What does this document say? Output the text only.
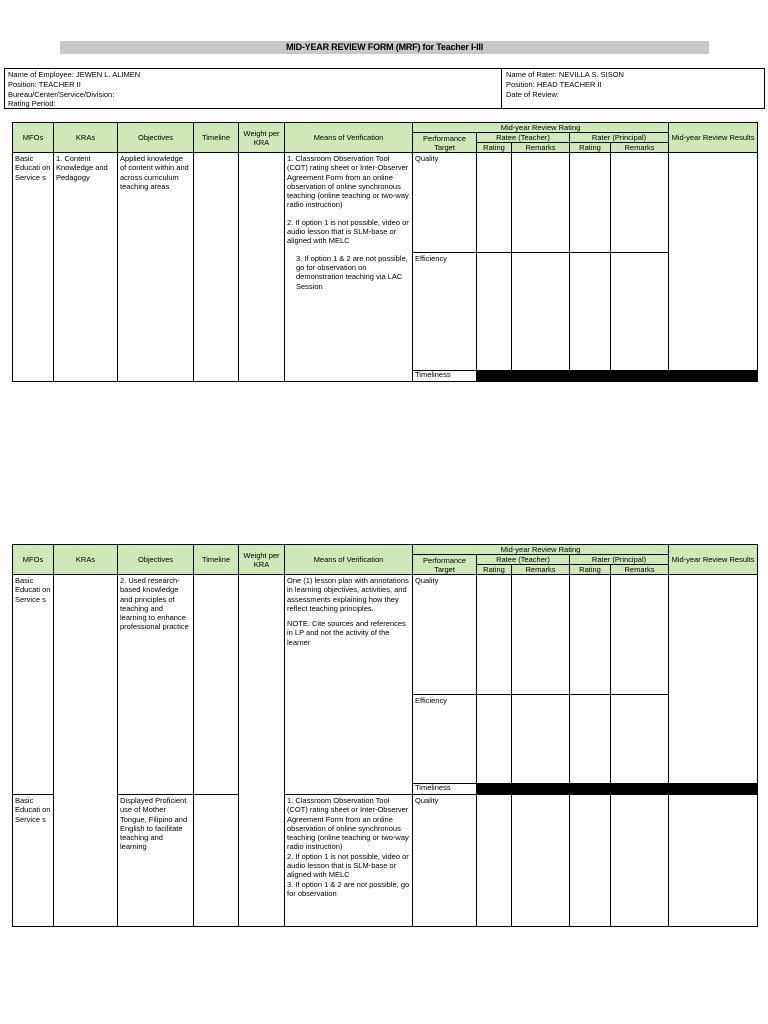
MID-YEAR REVIEW FORM (MRF) for Teacher I-III
Name of Employee: JEWEN L. ALIMEN
Position: TEACHER II
Bureau/Center/Service/Division:
Rating Period:
Name of Rater: NEVILLA S. SISON
Position: HEAD TEACHER II
Date of Review:
MFOs	KRAs	Objectives	Timeline	Weight per KRA	Means of Verification	Mid-year Review Rating					Mid-year Review Results
						Performance Target	Ratee (Teacher)		Rater (Principal)		
							Rating	Remarks	Rating	Remarks	
Basic Educati on Service s	1. Content Knowledge and Pedagogy	Applied knowledge of content within and across curriculum teaching areas			1. Classroom Observation Tool (COT) rating sheet or Inter-Observer Agreement Form from an online observation of online synchronous teaching (online teaching or two-way radio instruction)
2. If option 1 is not possible, video or audio lesson that is SLM-base or aligned with MELC
3. If option 1 & 2 are not possible, go for observation on demonstration teaching via LAC Session	Quality					
						Efficiency					
						Timeliness					
MFOs	KRAs	Objectives	Timeline	Weight per KRA	Means of Verification	Mid-year Review Rating					Mid-year Review Results
						Performance Target	Ratee (Teacher)		Rater (Principal)		
							Rating	Remarks	Rating	Remarks	
Basic Educati on Service s		2. Used research-based knowledge and principles of teaching and learning to enhance professional practice			One (1) lesson plan with annotations in learning objectives, activities, and assessments explaining how they reflect teaching principles.
NOTE: Cite sources and references in LP and not the activity of the learner	Quality					
						Efficiency					
						Timeliness					
Basic Educati on Service s		Displayed Proficient use of Mother Tongue, Filipino and English to facilitate teaching and learning			1. Classroom Observation Tool (COT) rating sheet or Inter-Observer Agreement Form from an online observation of online synchronous teaching (online teaching or two-way radio instruction)
2. If option 1 is not possible, video or audio lesson that is SLM-base or aligned with MELC
3. If option 1 & 2 are not possible, go for observation	Quality					
